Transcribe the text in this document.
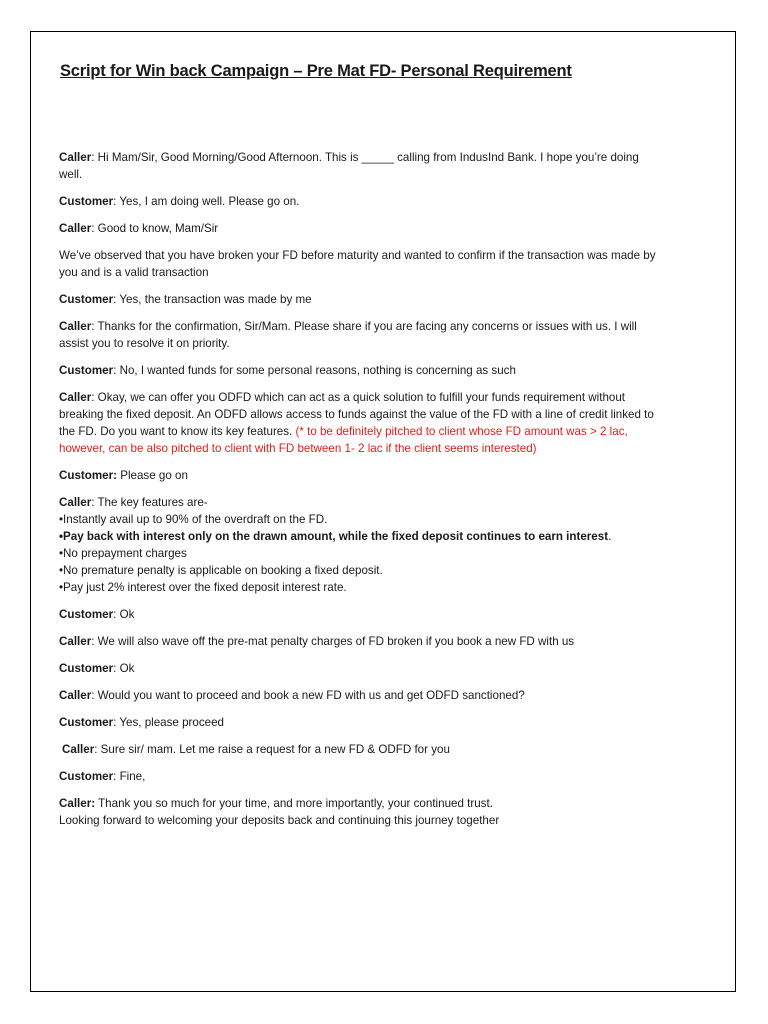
Script for Win back Campaign – Pre Mat FD- Personal Requirement

Caller: Hi Mam/Sir, Good Morning/Good Afternoon. This is _____ calling from IndusInd Bank. I hope you’re doing well.

Customer: Yes, I am doing well. Please go on.

Caller: Good to know, Mam/Sir

We’ve observed that you have broken your FD before maturity and wanted to confirm if the transaction was made by you and is a valid transaction

Customer: Yes, the transaction was made by me

Caller: Thanks for the confirmation, Sir/Mam. Please share if you are facing any concerns or issues with us. I will assist you to resolve it on priority.

Customer: No, I wanted funds for some personal reasons, nothing is concerning as such

Caller: Okay, we can offer you ODFD which can act as a quick solution to fulfill your funds requirement without breaking the fixed deposit. An ODFD allows access to funds against the value of the FD with a line of credit linked to the FD. Do you want to know its key features. (* to be definitely pitched to client whose FD amount was > 2 lac, however, can be also pitched to client with FD between 1- 2 lac if the client seems interested)

Customer: Please go on

Caller: The key features are-
•Instantly avail up to 90% of the overdraft on the FD.
•Pay back with interest only on the drawn amount, while the fixed deposit continues to earn interest.
•No prepayment charges
•No premature penalty is applicable on booking a fixed deposit.
•Pay just 2% interest over the fixed deposit interest rate.

Customer: Ok

Caller: We will also wave off the pre-mat penalty charges of FD broken if you book a new FD with us

Customer: Ok

Caller: Would you want to proceed and book a new FD with us and get ODFD sanctioned?

Customer: Yes, please proceed

Caller: Sure sir/ mam. Let me raise a request for a new FD & ODFD for you

Customer: Fine,

Caller: Thank you so much for your time, and more importantly, your continued trust.
Looking forward to welcoming your deposits back and continuing this journey together
